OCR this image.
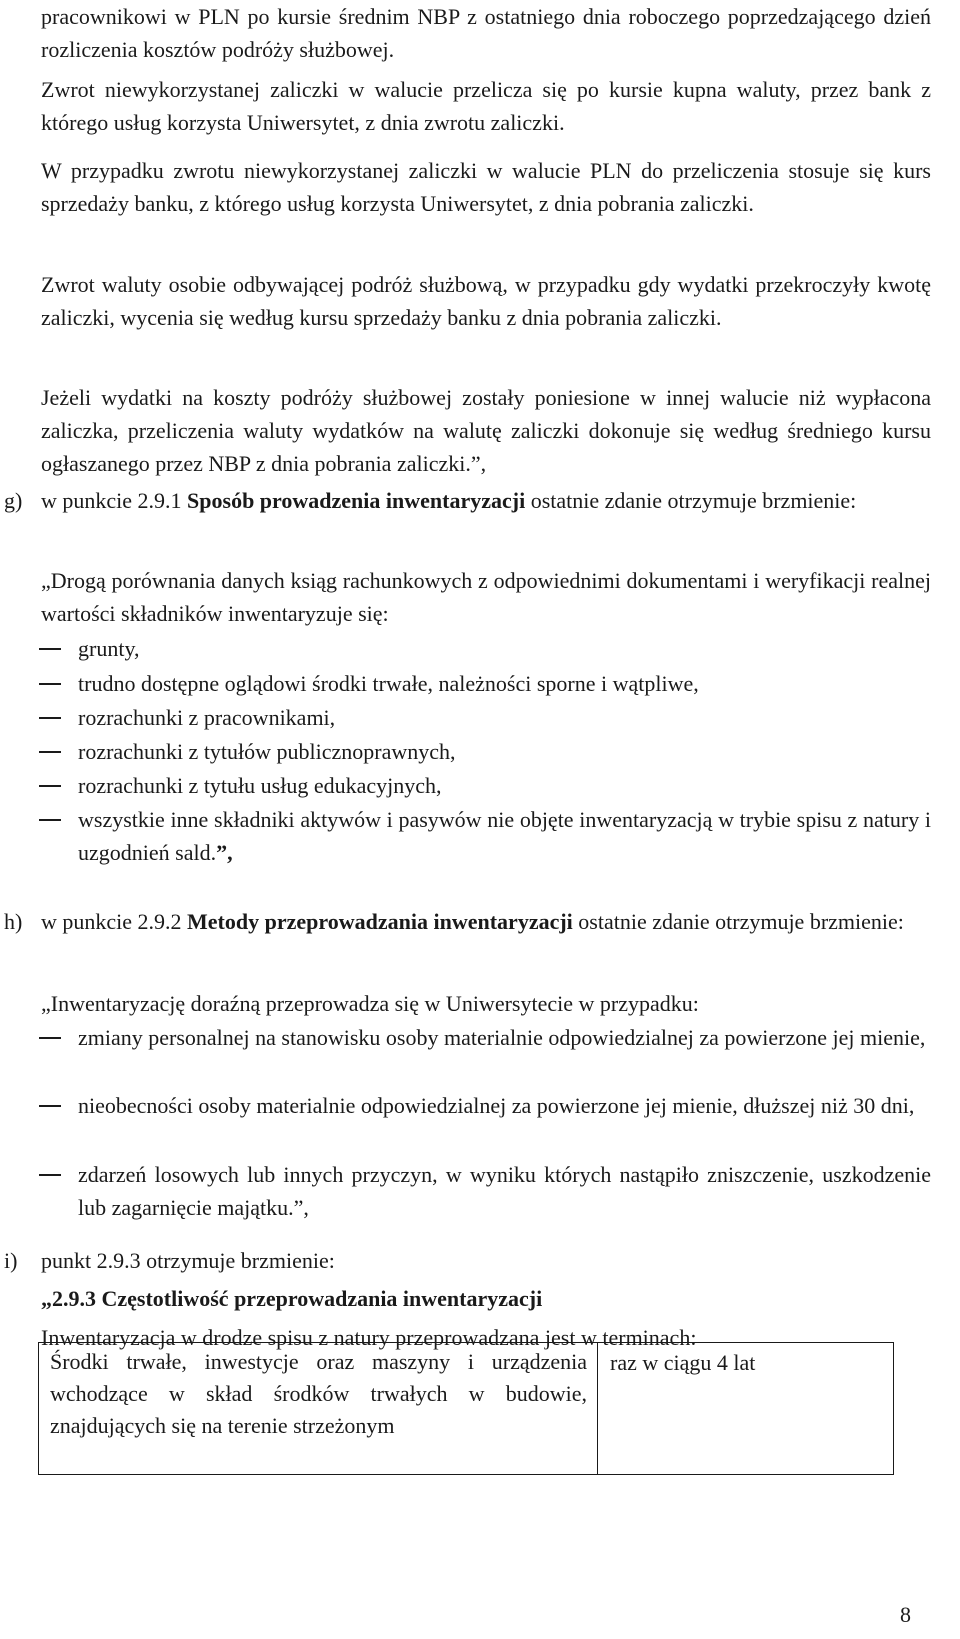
pracownikowi w PLN po kursie średnim NBP z ostatniego dnia roboczego poprzedzającego dzień rozliczenia kosztów podróży służbowej.

Zwrot niewykorzystanej zaliczki w walucie przelicza się po kursie kupna waluty, przez bank z którego usług korzysta Uniwersytet, z dnia zwrotu zaliczki.

W przypadku zwrotu niewykorzystanej zaliczki w walucie PLN do przeliczenia stosuje się kurs sprzedaży banku, z którego usług korzysta Uniwersytet, z dnia pobrania zaliczki.

Zwrot waluty osobie odbywającej podróż służbową, w przypadku gdy wydatki przekroczyły kwotę zaliczki, wycenia się według kursu sprzedaży banku z dnia pobrania zaliczki.

Jeżeli wydatki na koszty podróży służbowej zostały poniesione w innej walucie niż wypłacona zaliczka, przeliczenia waluty wydatków na walutę zaliczki dokonuje się według średniego kursu ogłaszanego przez NBP z dnia pobrania zaliczki.”,

g) w punkcie 2.9.1 Sposób prowadzenia inwentaryzacji ostatnie zdanie otrzymuje brzmienie:

„Drogą porównania danych ksiąg rachunkowych z odpowiednimi dokumentami i weryfikacji realnej wartości składników inwentaryzuje się:

grunty,
trudno dostępne oglądowi środki trwałe, należności sporne i wątpliwe,
rozrachunki z pracownikami,
rozrachunki z tytułów publicznoprawnych,
rozrachunki z tytułu usług edukacyjnych,
wszystkie inne składniki aktywów i pasywów nie objęte inwentaryzacją w trybie spisu z natury i uzgodnień sald.”,
h) w punkcie 2.9.2 Metody przeprowadzania inwentaryzacji ostatnie zdanie otrzymuje brzmienie:

„Inwentaryzację doraźną przeprowadza się w Uniwersytecie w przypadku:

zmiany personalnej na stanowisku osoby materialnie odpowiedzialnej za powierzone jej mienie,
nieobecności osoby materialnie odpowiedzialnej za powierzone jej mienie, dłuższej niż 30 dni,
zdarzeń losowych lub innych przyczyn, w wyniku których nastąpiło zniszczenie, uszkodzenie lub zagarnięcie majątku.”,
i) punkt 2.9.3 otrzymuje brzmienie:

„2.9.3 Częstotliwość przeprowadzania inwentaryzacji

Inwentaryzacja w drodze spisu z natury przeprowadzana jest w terminach:

Środki trwałe, inwestycje oraz maszyny i urządzenia wchodzące w skład środków trwałych w budowie, znajdujących się na terenie strzeżonym
raz w ciągu 4 lat
8
